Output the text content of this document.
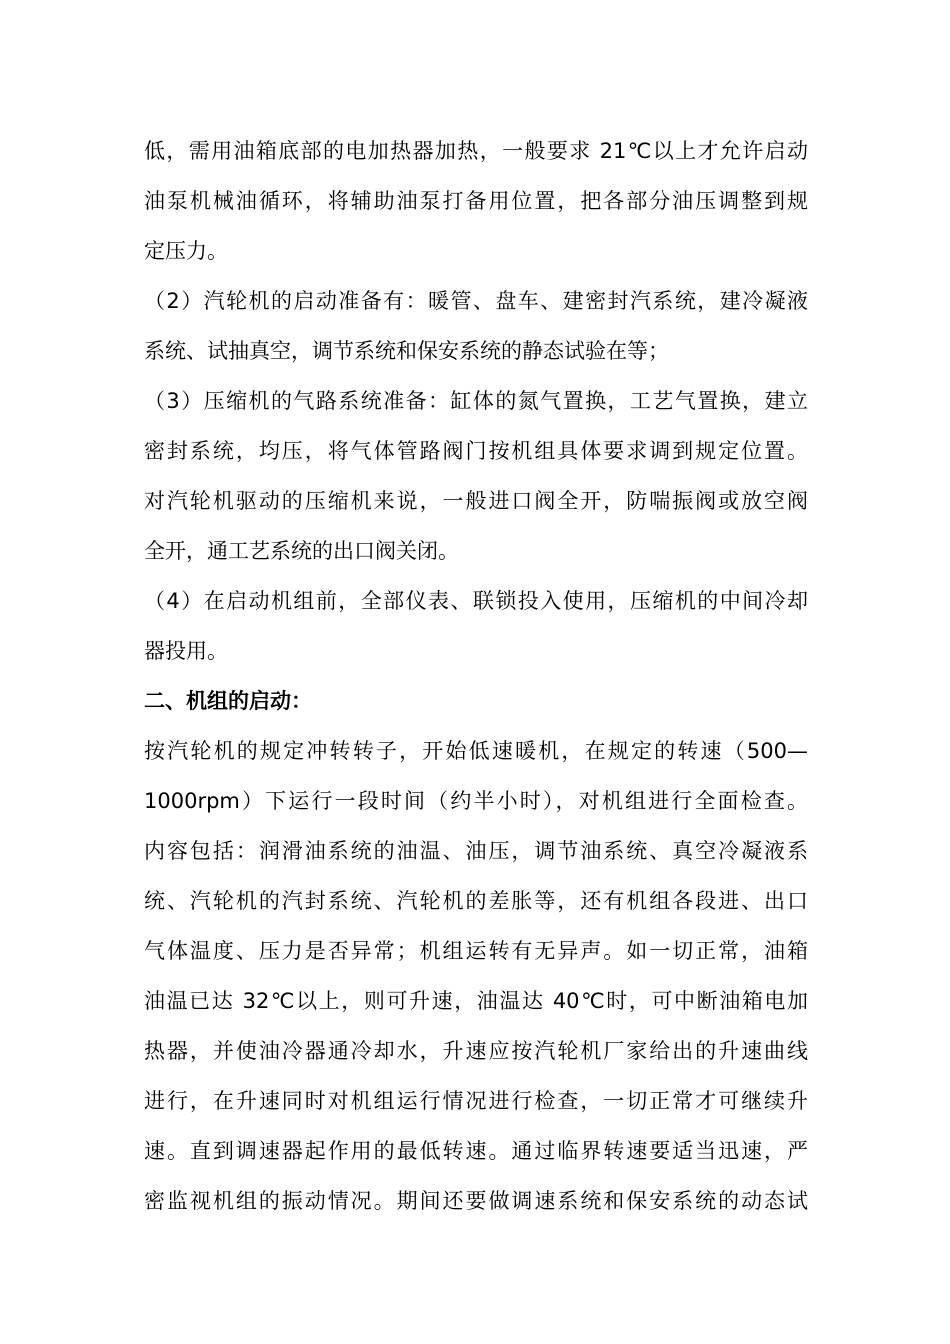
低，需用油箱底部的电加热器加热，一般要求 21℃以上才允许启动
油泵机械油循环，将辅助油泵打备用位置，把各部分油压调整到规
定压力。
（2）汽轮机的启动准备有：暖管、盘车、建密封汽系统，建冷凝液
系统、试抽真空，调节系统和保安系统的静态试验在等；
（3）压缩机的气路系统准备：缸体的氮气置换，工艺气置换，建立
密封系统，均压，将气体管路阀门按机组具体要求调到规定位置。
对汽轮机驱动的压缩机来说，一般进口阀全开，防喘振阀或放空阀
全开，通工艺系统的出口阀关闭。
（4）在启动机组前，全部仪表、联锁投入使用，压缩机的中间冷却
器投用。
二、机组的启动：
按汽轮机的规定冲转转子，开始低速暖机，在规定的转速（500—
1000rpm）下运行一段时间（约半小时），对机组进行全面检查。
内容包括：润滑油系统的油温、油压，调节油系统、真空冷凝液系
统、汽轮机的汽封系统、汽轮机的差胀等，还有机组各段进、出口
气体温度、压力是否异常；机组运转有无异声。如一切正常，油箱
油温已达 32℃以上，则可升速，油温达 40℃时，可中断油箱电加
热器，并使油冷器通冷却水，升速应按汽轮机厂家给出的升速曲线
进行，在升速同时对机组运行情况进行检查，一切正常才可继续升
速。直到调速器起作用的最低转速。通过临界转速要适当迅速，严
密监视机组的振动情况。期间还要做调速系统和保安系统的动态试
